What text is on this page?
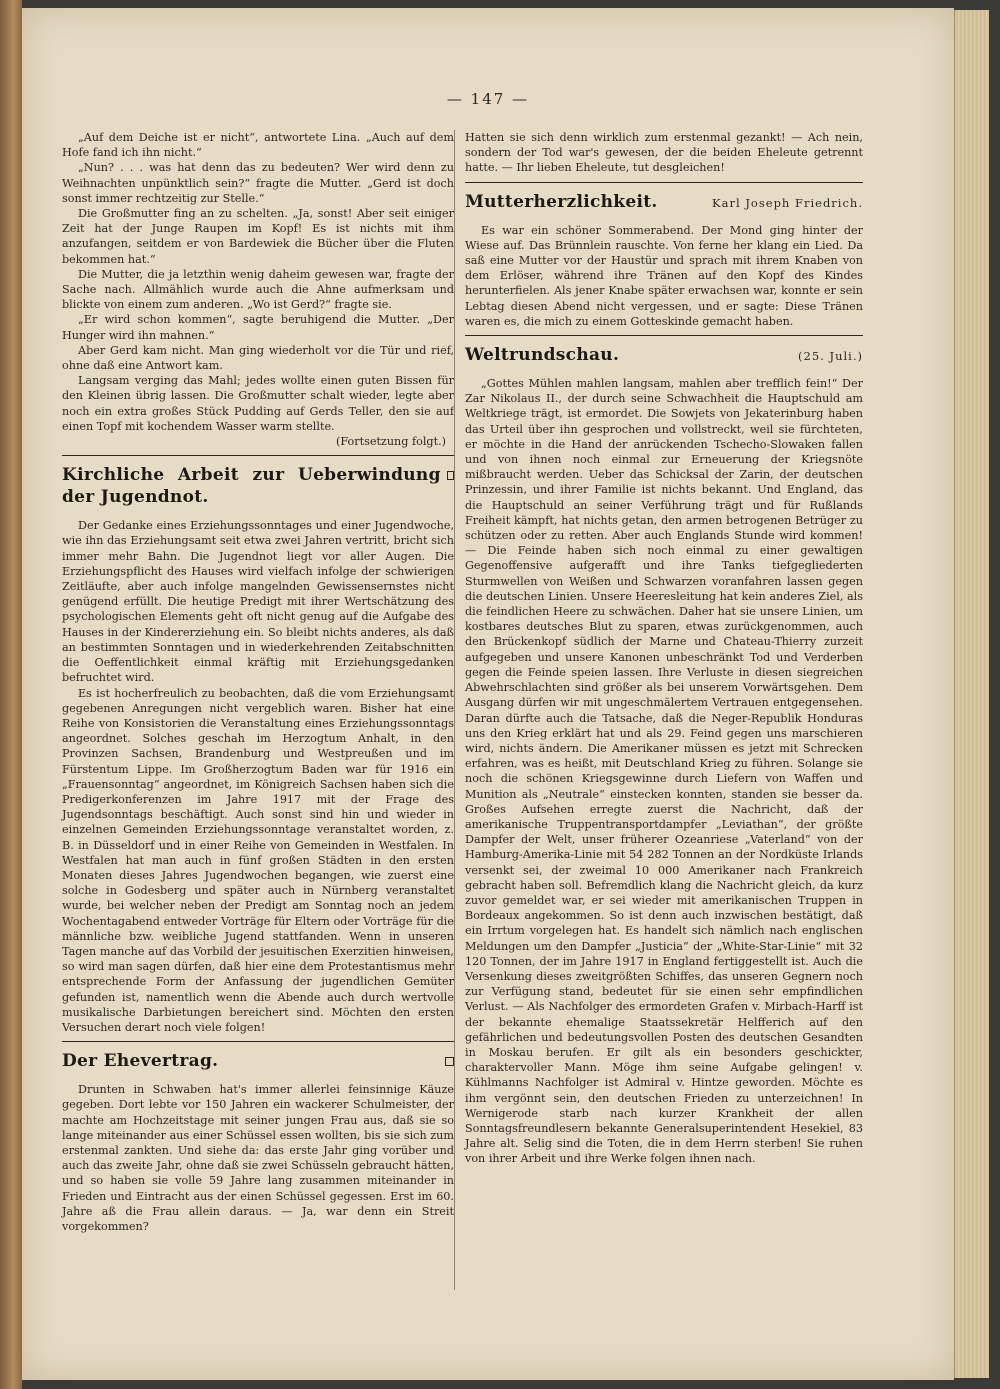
— 147 —

„Auf dem Deiche ist er nicht“, antwortete Lina. „Auch auf dem Hofe fand ich ihn nicht.“

„Nun? . . . was hat denn das zu bedeuten? Wer wird denn zu Weihnachten unpünktlich sein?“ fragte die Mutter. „Gerd ist doch sonst immer rechtzeitig zur Stelle.“

Die Großmutter fing an zu schelten. „Ja, sonst! Aber seit einiger Zeit hat der Junge Raupen im Kopf! Es ist nichts mit ihm anzufangen, seitdem er von Bardewiek die Bücher über die Fluten bekommen hat.“

Die Mutter, die ja letzthin wenig daheim gewesen war, fragte der Sache nach. Allmählich wurde auch die Ahne aufmerksam und blickte von einem zum anderen. „Wo ist Gerd?“ fragte sie.

„Er wird schon kommen“, sagte beruhigend die Mutter. „Der Hunger wird ihn mahnen.“

Aber Gerd kam nicht. Man ging wiederholt vor die Tür und rief, ohne daß eine Antwort kam.

Langsam verging das Mahl; jedes wollte einen guten Bissen für den Kleinen übrig lassen. Die Großmutter schalt wieder, legte aber noch ein extra großes Stück Pudding auf Gerds Teller, den sie auf einen Topf mit kochendem Wasser warm stellte.

(Fortsetzung folgt.)

Kirchliche Arbeit zur Ueberwindung der Jugendnot.

Der Gedanke eines Erziehungssonntages und einer Jugendwoche, wie ihn das Erziehungsamt seit etwa zwei Jahren vertritt, bricht sich immer mehr Bahn. Die Jugendnot liegt vor aller Augen. Die Erziehungspflicht des Hauses wird vielfach infolge der schwierigen Zeitläufte, aber auch infolge mangelnden Gewissensernstes nicht genügend erfüllt. Die heutige Predigt mit ihrer Wertschätzung des psychologischen Elements geht oft nicht genug auf die Aufgabe des Hauses in der Kindererziehung ein. So bleibt nichts anderes, als daß an bestimmten Sonntagen und in wiederkehrenden Zeitabschnitten die Oeffentlichkeit einmal kräftig mit Erziehungsgedanken befruchtet wird.

Es ist hocherfreulich zu beobachten, daß die vom Erziehungsamt gegebenen Anregungen nicht vergeblich waren. Bisher hat eine Reihe von Konsistorien die Veranstaltung eines Erziehungssonntags angeordnet. Solches geschah im Herzogtum Anhalt, in den Provinzen Sachsen, Brandenburg und Westpreußen und im Fürstentum Lippe. Im Großherzogtum Baden war für 1916 ein „Frauensonntag“ angeordnet, im Königreich Sachsen haben sich die Predigerkonferenzen im Jahre 1917 mit der Frage des Jugendsonntags beschäftigt. Auch sonst sind hin und wieder in einzelnen Gemeinden Erziehungssonntage veranstaltet worden, z. B. in Düsseldorf und in einer Reihe von Gemeinden in Westfalen. In Westfalen hat man auch in fünf großen Städten in den ersten Monaten dieses Jahres Jugendwochen begangen, wie zuerst eine solche in Godesberg und später auch in Nürnberg veranstaltet wurde, bei welcher neben der Predigt am Sonntag noch an jedem Wochentagabend entweder Vorträge für Eltern oder Vorträge für die männliche bzw. weibliche Jugend stattfanden. Wenn in unseren Tagen manche auf das Vorbild der jesuitischen Exerzitien hinweisen, so wird man sagen dürfen, daß hier eine dem Protestantismus mehr entsprechende Form der Anfassung der jugendlichen Gemüter gefunden ist, namentlich wenn die Abende auch durch wertvolle musikalische Darbietungen bereichert sind. Möchten den ersten Versuchen derart noch viele folgen!

Der Ehevertrag.

Drunten in Schwaben hat's immer allerlei feinsinnige Käuze gegeben. Dort lebte vor 150 Jahren ein wackerer Schulmeister, der machte am Hochzeitstage mit seiner jungen Frau aus, daß sie so lange miteinander aus einer Schüssel essen wollten, bis sie sich zum erstenmal zankten. Und siehe da: das erste Jahr ging vorüber und auch das zweite Jahr, ohne daß sie zwei Schüsseln gebraucht hätten, und so haben sie volle 59 Jahre lang zusammen miteinander in Frieden und Eintracht aus der einen Schüssel gegessen. Erst im 60. Jahre aß die Frau allein daraus. — Ja, war denn ein Streit vorgekommen?

Hatten sie sich denn wirklich zum erstenmal gezankt! — Ach nein, sondern der Tod war's gewesen, der die beiden Eheleute getrennt hatte. — Ihr lieben Eheleute, tut desgleichen!

Mutterherzlichkeit.	Karl Joseph Friedrich.

Es war ein schöner Sommerabend. Der Mond ging hinter der Wiese auf. Das Brünnlein rauschte. Von ferne her klang ein Lied. Da saß eine Mutter vor der Haustür und sprach mit ihrem Knaben von dem Erlöser, während ihre Tränen auf den Kopf des Kindes herunterfielen. Als jener Knabe später erwachsen war, konnte er sein Lebtag diesen Abend nicht vergessen, und er sagte: Diese Tränen waren es, die mich zu einem Gotteskinde gemacht haben.

Weltrundschau.	(25. Juli.)

„Gottes Mühlen mahlen langsam, mahlen aber trefflich fein!“ Der Zar Nikolaus II., der durch seine Schwachheit die Hauptschuld am Weltkriege trägt, ist ermordet. Die Sowjets von Jekaterinburg haben das Urteil über ihn gesprochen und vollstreckt, weil sie fürchteten, er möchte in die Hand der anrückenden Tschecho-Slowaken fallen und von ihnen noch einmal zur Erneuerung der Kriegsnöte mißbraucht werden. Ueber das Schicksal der Zarin, der deutschen Prinzessin, und ihrer Familie ist nichts bekannt. Und England, das die Hauptschuld an seiner Verführung trägt und für Rußlands Freiheit kämpft, hat nichts getan, den armen betrogenen Betrüger zu schützen oder zu retten. Aber auch Englands Stunde wird kommen! — Die Feinde haben sich noch einmal zu einer gewaltigen Gegenoffensive aufgerafft und ihre Tanks tiefgegliederten Sturmwellen von Weißen und Schwarzen voranfahren lassen gegen die deutschen Linien. Unsere Heeresleitung hat kein anderes Ziel, als die feindlichen Heere zu schwächen. Daher hat sie unsere Linien, um kostbares deutsches Blut zu sparen, etwas zurückgenommen, auch den Brückenkopf südlich der Marne und Chateau-Thierry zurzeit aufgegeben und unsere Kanonen unbeschränkt Tod und Verderben gegen die Feinde speien lassen. Ihre Verluste in diesen siegreichen Abwehrschlachten sind größer als bei unserem Vorwärtsgehen. Dem Ausgang dürfen wir mit ungeschmälertem Vertrauen entgegensehen. Daran dürfte auch die Tatsache, daß die Neger-Republik Honduras uns den Krieg erklärt hat und als 29. Feind gegen uns marschieren wird, nichts ändern. Die Amerikaner müssen es jetzt mit Schrecken erfahren, was es heißt, mit Deutschland Krieg zu führen. Solange sie noch die schönen Kriegsgewinne durch Liefern von Waffen und Munition als „Neutrale“ einstecken konnten, standen sie besser da. Großes Aufsehen erregte zuerst die Nachricht, daß der amerikanische Truppentransportdampfer „Leviathan“, der größte Dampfer der Welt, unser früherer Ozeanriese „Vaterland“ von der Hamburg-Amerika-Linie mit 54 282 Tonnen an der Nordküste Irlands versenkt sei, der zweimal 10 000 Amerikaner nach Frankreich gebracht haben soll. Befremdlich klang die Nachricht gleich, da kurz zuvor gemeldet war, er sei wieder mit amerikanischen Truppen in Bordeaux angekommen. So ist denn auch inzwischen bestätigt, daß ein Irrtum vorgelegen hat. Es handelt sich nämlich nach englischen Meldungen um den Dampfer „Justicia“ der „White-Star-Linie“ mit 32 120 Tonnen, der im Jahre 1917 in England fertiggestellt ist. Auch die Versenkung dieses zweitgrößten Schiffes, das unseren Gegnern noch zur Verfügung stand, bedeutet für sie einen sehr empfindlichen Verlust. — Als Nachfolger des ermordeten Grafen v. Mirbach-Harff ist der bekannte ehemalige Staatssekretär Helfferich auf den gefährlichen und bedeutungsvollen Posten des deutschen Gesandten in Moskau berufen. Er gilt als ein besonders geschickter, charaktervoller Mann. Möge ihm seine Aufgabe gelingen! v. Kühlmanns Nachfolger ist Admiral v. Hintze geworden. Möchte es ihm vergönnt sein, den deutschen Frieden zu unterzeichnen! In Wernigerode starb nach kurzer Krankheit der allen Sonntagsfreundlesern bekannte Generalsuperintendent Hesekiel, 83 Jahre alt. Selig sind die Toten, die in dem Herrn sterben! Sie ruhen von ihrer Arbeit und ihre Werke folgen ihnen nach.
